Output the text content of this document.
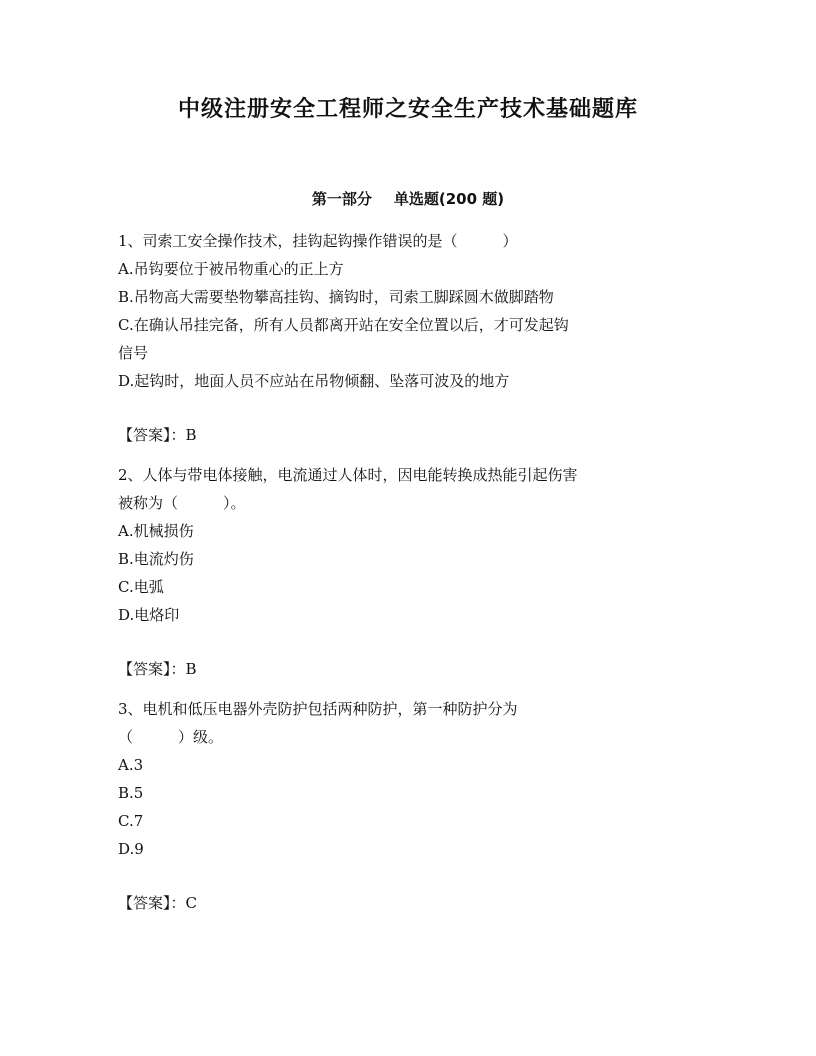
中级注册安全工程师之安全生产技术基础题库
第一部分 单选题(200 题)
1、司索工安全操作技术，挂钩起钩操作错误的是（　　　）
A.吊钩要位于被吊物重心的正上方
B.吊物高大需要垫物攀高挂钩、摘钩时，司索工脚踩圆木做脚踏物
C.在确认吊挂完备，所有人员都离开站在安全位置以后，才可发起钩
信号
D.起钩时，地面人员不应站在吊物倾翻、坠落可波及的地方
【答案】：B
2、人体与带电体接触，电流通过人体时，因电能转换成热能引起伤害
被称为（　　　）。
A.机械损伤
B.电流灼伤
C.电弧
D.电烙印
【答案】：B
3、电机和低压电器外壳防护包括两种防护，第一种防护分为
（　　　）级。
A.3
B.5
C.7
D.9
【答案】：C
